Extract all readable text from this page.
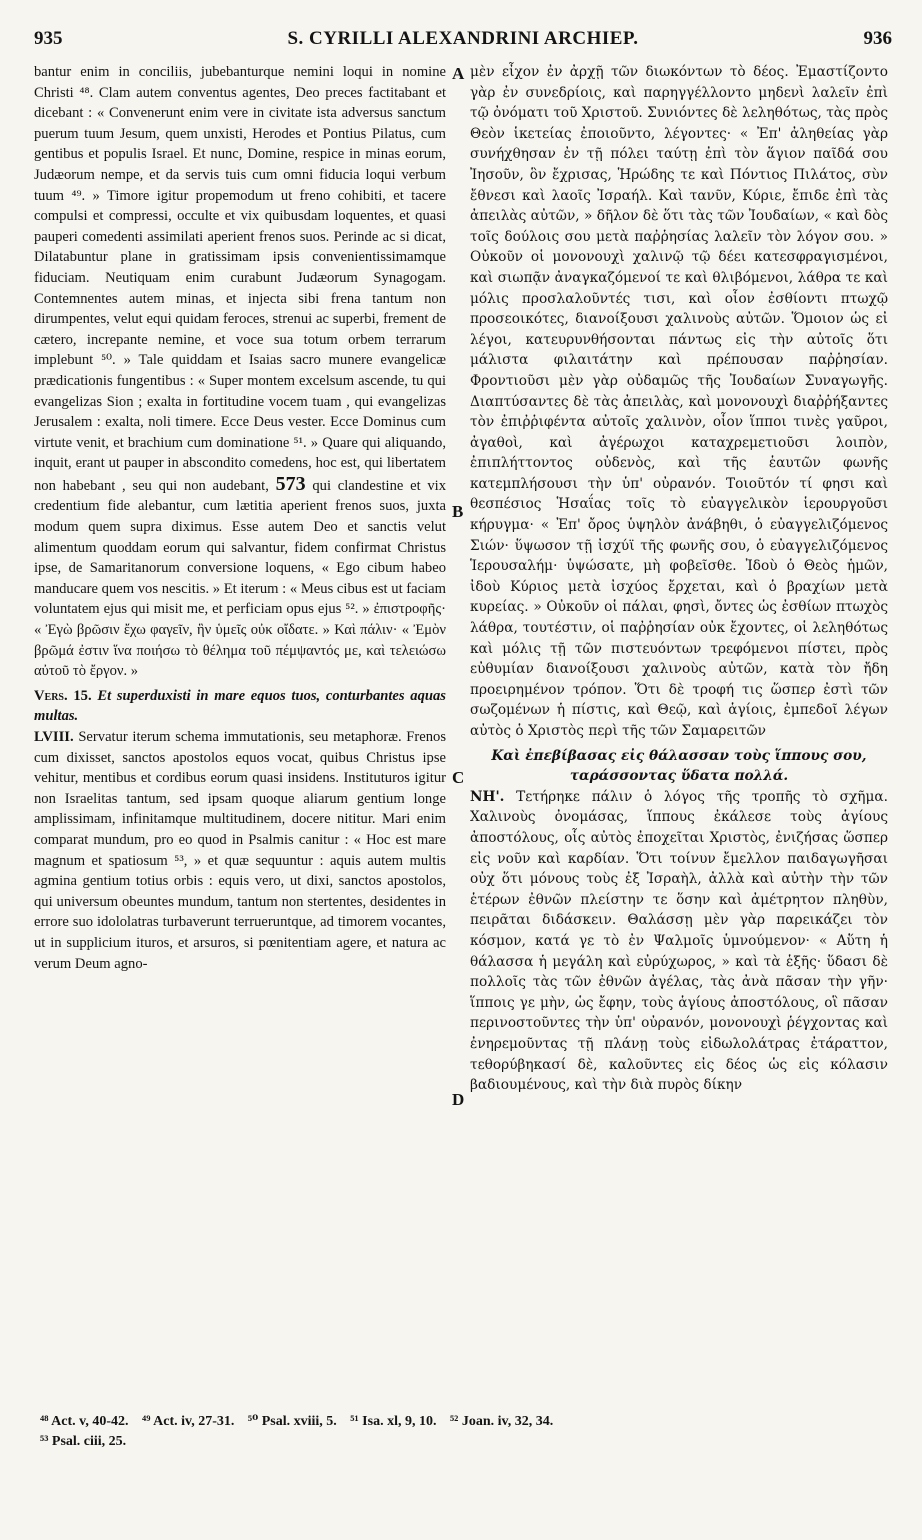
935	S. CYRILLI ALEXANDRINI ARCHIEP.	936
A
B
C
D

bantur enim in conciliis, jubebanturque nemini loqui in nomine Christi ⁴⁸. Clam autem conventus agentes, Deo preces factitabant et dicebant : « Convenerunt enim vere in civitate ista adversus sanctum puerum tuum Jesum, quem unxisti, Herodes et Pontius Pilatus, cum gentibus et populis Israel. Et nunc, Domine, respice in minas eorum, Judæorum nempe, et da servis tuis cum omni fiducia loqui verbum tuum ⁴⁹. » Timore igitur propemodum ut freno cohibiti, et tacere compulsi et compressi, occulte et vix quibusdam loquentes, et quasi pauperi comedenti assimilati aperient frenos suos. Perinde ac si dicat, Dilatabuntur plane in gratissimam ipsis convenientissimamque fiduciam. Neutiquam enim curabunt Judæorum Synagogam. Contemnentes autem minas, et injecta sibi frena tantum non dirumpentes, velut equi quidam feroces, strenui ac superbi, frement de cætero, increpante nemine, et voce sua totum orbem terrarum implebunt ⁵⁰. » Tale quiddam et Isaias sacro munere evangelicæ prædicationis fungentibus : « Super montem excelsum ascende, tu qui evangelizas Sion ; exalta in fortitudine vocem tuam , qui evangelizas Jerusalem : exalta, noli timere. Ecce Deus vester. Ecce Dominus cum virtute venit, et brachium cum dominatione ⁵¹. » Quare qui aliquando, inquit, erant ut pauper in abscondito comedens, hoc est, qui libertatem non habebant , seu qui non audebant, 573 qui clandestine et vix credentium fide alebantur, cum lætitia aperient frenos suos, juxta modum quem supra diximus. Esse autem Deo et sanctis velut alimentum quoddam eorum qui salvantur, fidem confirmat Christus ipse, de Samaritanorum conversione loquens, « Ego cibum habeo manducare quem vos nescitis. » Et iterum : « Meus cibus est ut faciam voluntatem ejus qui misit me, et perficiam opus ejus ⁵². » ἐπιστροφῆς· « Ἐγὼ βρῶσιν ἔχω φαγεῖν, ἣν ὑμεῖς οὐκ οἴδατε. » Καὶ πάλιν· « Ἐμὸν βρῶμά ἐστιν ἵνα ποιήσω τὸ θέλημα τοῦ πέμψαντός με, καὶ τελειώσω αὐτοῦ τὸ ἔργον. »

Vers. 15. Et superduxisti in mare equos tuos, conturbantes aquas multas.

LVIII. Servatur iterum schema immutationis, seu metaphoræ. Frenos cum dixisset, sanctos apostolos equos vocat, quibus Christus ipse vehitur, mentibus et cordibus eorum quasi insidens. Instituturos igitur non Israelitas tantum, sed ipsam quoque aliarum gentium longe amplissimam, infinitamque multitudinem, docere nititur. Mari enim comparat mundum, pro eo quod in Psalmis canitur : « Hoc est mare magnum et spatiosum ⁵³, » et quæ sequuntur : aquis autem multis agmina gentium totius orbis : equis vero, ut dixi, sanctos apostolos, qui universum obeuntes mundum, tantum non stertentes, desidentes in errore suo idololatras turbaverunt terrueruntque, ad timorem vocantes, ut in supplicium ituros, et arsuros, si pœnitentiam agere, et natura ac verum Deum agno-

μὲν εἶχον ἐν ἀρχῇ τῶν διωκόντων τὸ δέος. Ἐμαστίζοντο γὰρ ἐν συνεδρίοις, καὶ παρηγγέλλοντο μηδενὶ λαλεῖν ἐπὶ τῷ ὀνόματι τοῦ Χριστοῦ. Συνιόντες δὲ λεληθότως, τὰς πρὸς Θεὸν ἱκετείας ἐποιοῦντο, λέγοντες· « Ἐπ' ἀληθείας γὰρ συνήχθησαν ἐν τῇ πόλει ταύτῃ ἐπὶ τὸν ἅγιον παῖδά σου Ἰησοῦν, ὃν ἔχρισας, Ἡρώδης τε καὶ Πόντιος Πιλάτος, σὺν ἔθνεσι καὶ λαοῖς Ἰσραήλ. Καὶ τανῦν, Κύριε, ἔπιδε ἐπὶ τὰς ἀπειλὰς αὐτῶν, » δῆλον δὲ ὅτι τὰς τῶν Ἰουδαίων, « καὶ δὸς τοῖς δούλοις σου μετὰ παῤῥησίας λαλεῖν τὸν λόγον σου. » Οὐκοῦν οἱ μονονουχὶ χαλινῷ τῷ δέει κατεσφραγισμένοι, καὶ σιωπᾷν ἀναγκαζόμενοί τε καὶ θλιβόμενοι, λάθρα τε καὶ μόλις προσλαλοῦντές τισι, καὶ οἷον ἐσθίοντι πτωχῷ προσεοικότες, διανοίξουσι χαλινοὺς αὐτῶν. Ὅμοιον ὡς εἰ λέγοι, κατευρυνθήσονται πάντως εἰς τὴν αὐτοῖς ὅτι μάλιστα φιλαιτάτην καὶ πρέπουσαν παῤῥησίαν. Φροντιοῦσι μὲν γὰρ οὐδαμῶς τῆς Ἰουδαίων Συναγωγῆς. Διαπτύσαντες δὲ τὰς ἀπειλὰς, καὶ μονονουχὶ διαῤῥήξαντες τὸν ἐπιῤῥιφέντα αὐτοῖς χαλινὸν, οἷον ἵπποι τινὲς γαῦροι, ἀγαθοὶ, καὶ ἀγέρωχοι καταχρεμετιοῦσι λοιπὸν, ἐπιπλήττοντος οὐδενὸς, καὶ τῆς ἑαυτῶν φωνῆς κατεμπλήσουσι τὴν ὑπ' οὐρανόν. Τοιοῦτόν τί φησι καὶ θεσπέσιος Ἡσαΐας τοῖς τὸ εὐαγγελικὸν ἱερουργοῦσι κήρυγμα· « Ἐπ' ὄρος ὑψηλὸν ἀνάβηθι, ὁ εὐαγγελιζόμενος Σιών· ὕψωσον τῇ ἰσχύϊ τῆς φωνῆς σου, ὁ εὐαγγελιζόμενος Ἱερουσαλήμ· ὑψώσατε, μὴ φοβεῖσθε. Ἰδοὺ ὁ Θεὸς ἡμῶν, ἰδοὺ Κύριος μετὰ ἰσχύος ἔρχεται, καὶ ὁ βραχίων μετὰ κυρείας. » Οὐκοῦν οἱ πάλαι, φησὶ, ὄντες ὡς ἐσθίων πτωχὸς λάθρα, τουτέστιν, οἱ παῤῥησίαν οὐκ ἔχοντες, οἱ λεληθότως καὶ μόλις τῇ τῶν πιστευόντων τρεφόμενοι πίστει, πρὸς εὐθυμίαν διανοίξουσι χαλινοὺς αὐτῶν, κατὰ τὸν ἤδη προειρημένον τρόπον. Ὅτι δὲ τροφή τις ὥσπερ ἐστὶ τῶν σωζομένων ἡ πίστις, καὶ Θεῷ, καὶ ἁγίοις, ἐμπεδοῖ λέγων αὐτὸς ὁ Χριστὸς περὶ τῆς τῶν Σαμαρειτῶν

Καὶ ἐπεβίβασας εἰς θάλασσαν τοὺς ἵππους σου, ταράσσοντας ὕδατα πολλά.

ΝΗ'. Τετήρηκε πάλιν ὁ λόγος τῆς τροπῆς τὸ σχῆμα. Χαλινοὺς ὀνομάσας, ἵππους ἐκάλεσε τοὺς ἁγίους ἀποστόλους, οἷς αὐτὸς ἐποχεῖται Χριστὸς, ἐνιζήσας ὥσπερ εἰς νοῦν καὶ καρδίαν. Ὅτι τοίνυν ἔμελλον παιδαγωγῆσαι οὐχ ὅτι μόνους τοὺς ἐξ Ἰσραὴλ, ἀλλὰ καὶ αὐτὴν τὴν τῶν ἑτέρων ἐθνῶν πλείστην τε ὅσην καὶ ἀμέτρητον πληθὺν, πειρᾶται διδάσκειν. Θαλάσσῃ μὲν γὰρ παρεικάζει τὸν κόσμον, κατά γε τὸ ἐν Ψαλμοῖς ὑμνούμενον· « Αὕτη ἡ θάλασσα ἡ μεγάλη καὶ εὐρύχωρος, » καὶ τὰ ἑξῆς· ὕδασι δὲ πολλοῖς τὰς τῶν ἐθνῶν ἀγέλας, τὰς ἀνὰ πᾶσαν τὴν γῆν· ἵπποις γε μὴν, ὡς ἔφην, τοὺς ἁγίους ἀποστόλους, οἳ πᾶσαν περινοστοῦντες τὴν ὑπ' οὐρανόν, μονονουχὶ ῥέγχοντας καὶ ἐνηρεμοῦντας τῇ πλάνῃ τοὺς εἰδωλολάτρας ἐτάραττον, τεθορύβηκασί δὲ, καλοῦντες εἰς δέος ὡς εἰς κόλασιν βαδιουμένους, καὶ τὴν διὰ πυρὸς δίκην

⁴⁸ Act. v, 40-42. ⁴⁹ Act. iv, 27-31. ⁵⁰ Psal. xviii, 5. ⁵¹ Isa. xl, 9, 10. ⁵² Joan. iv, 32, 34.
⁵³ Psal. ciii, 25.
